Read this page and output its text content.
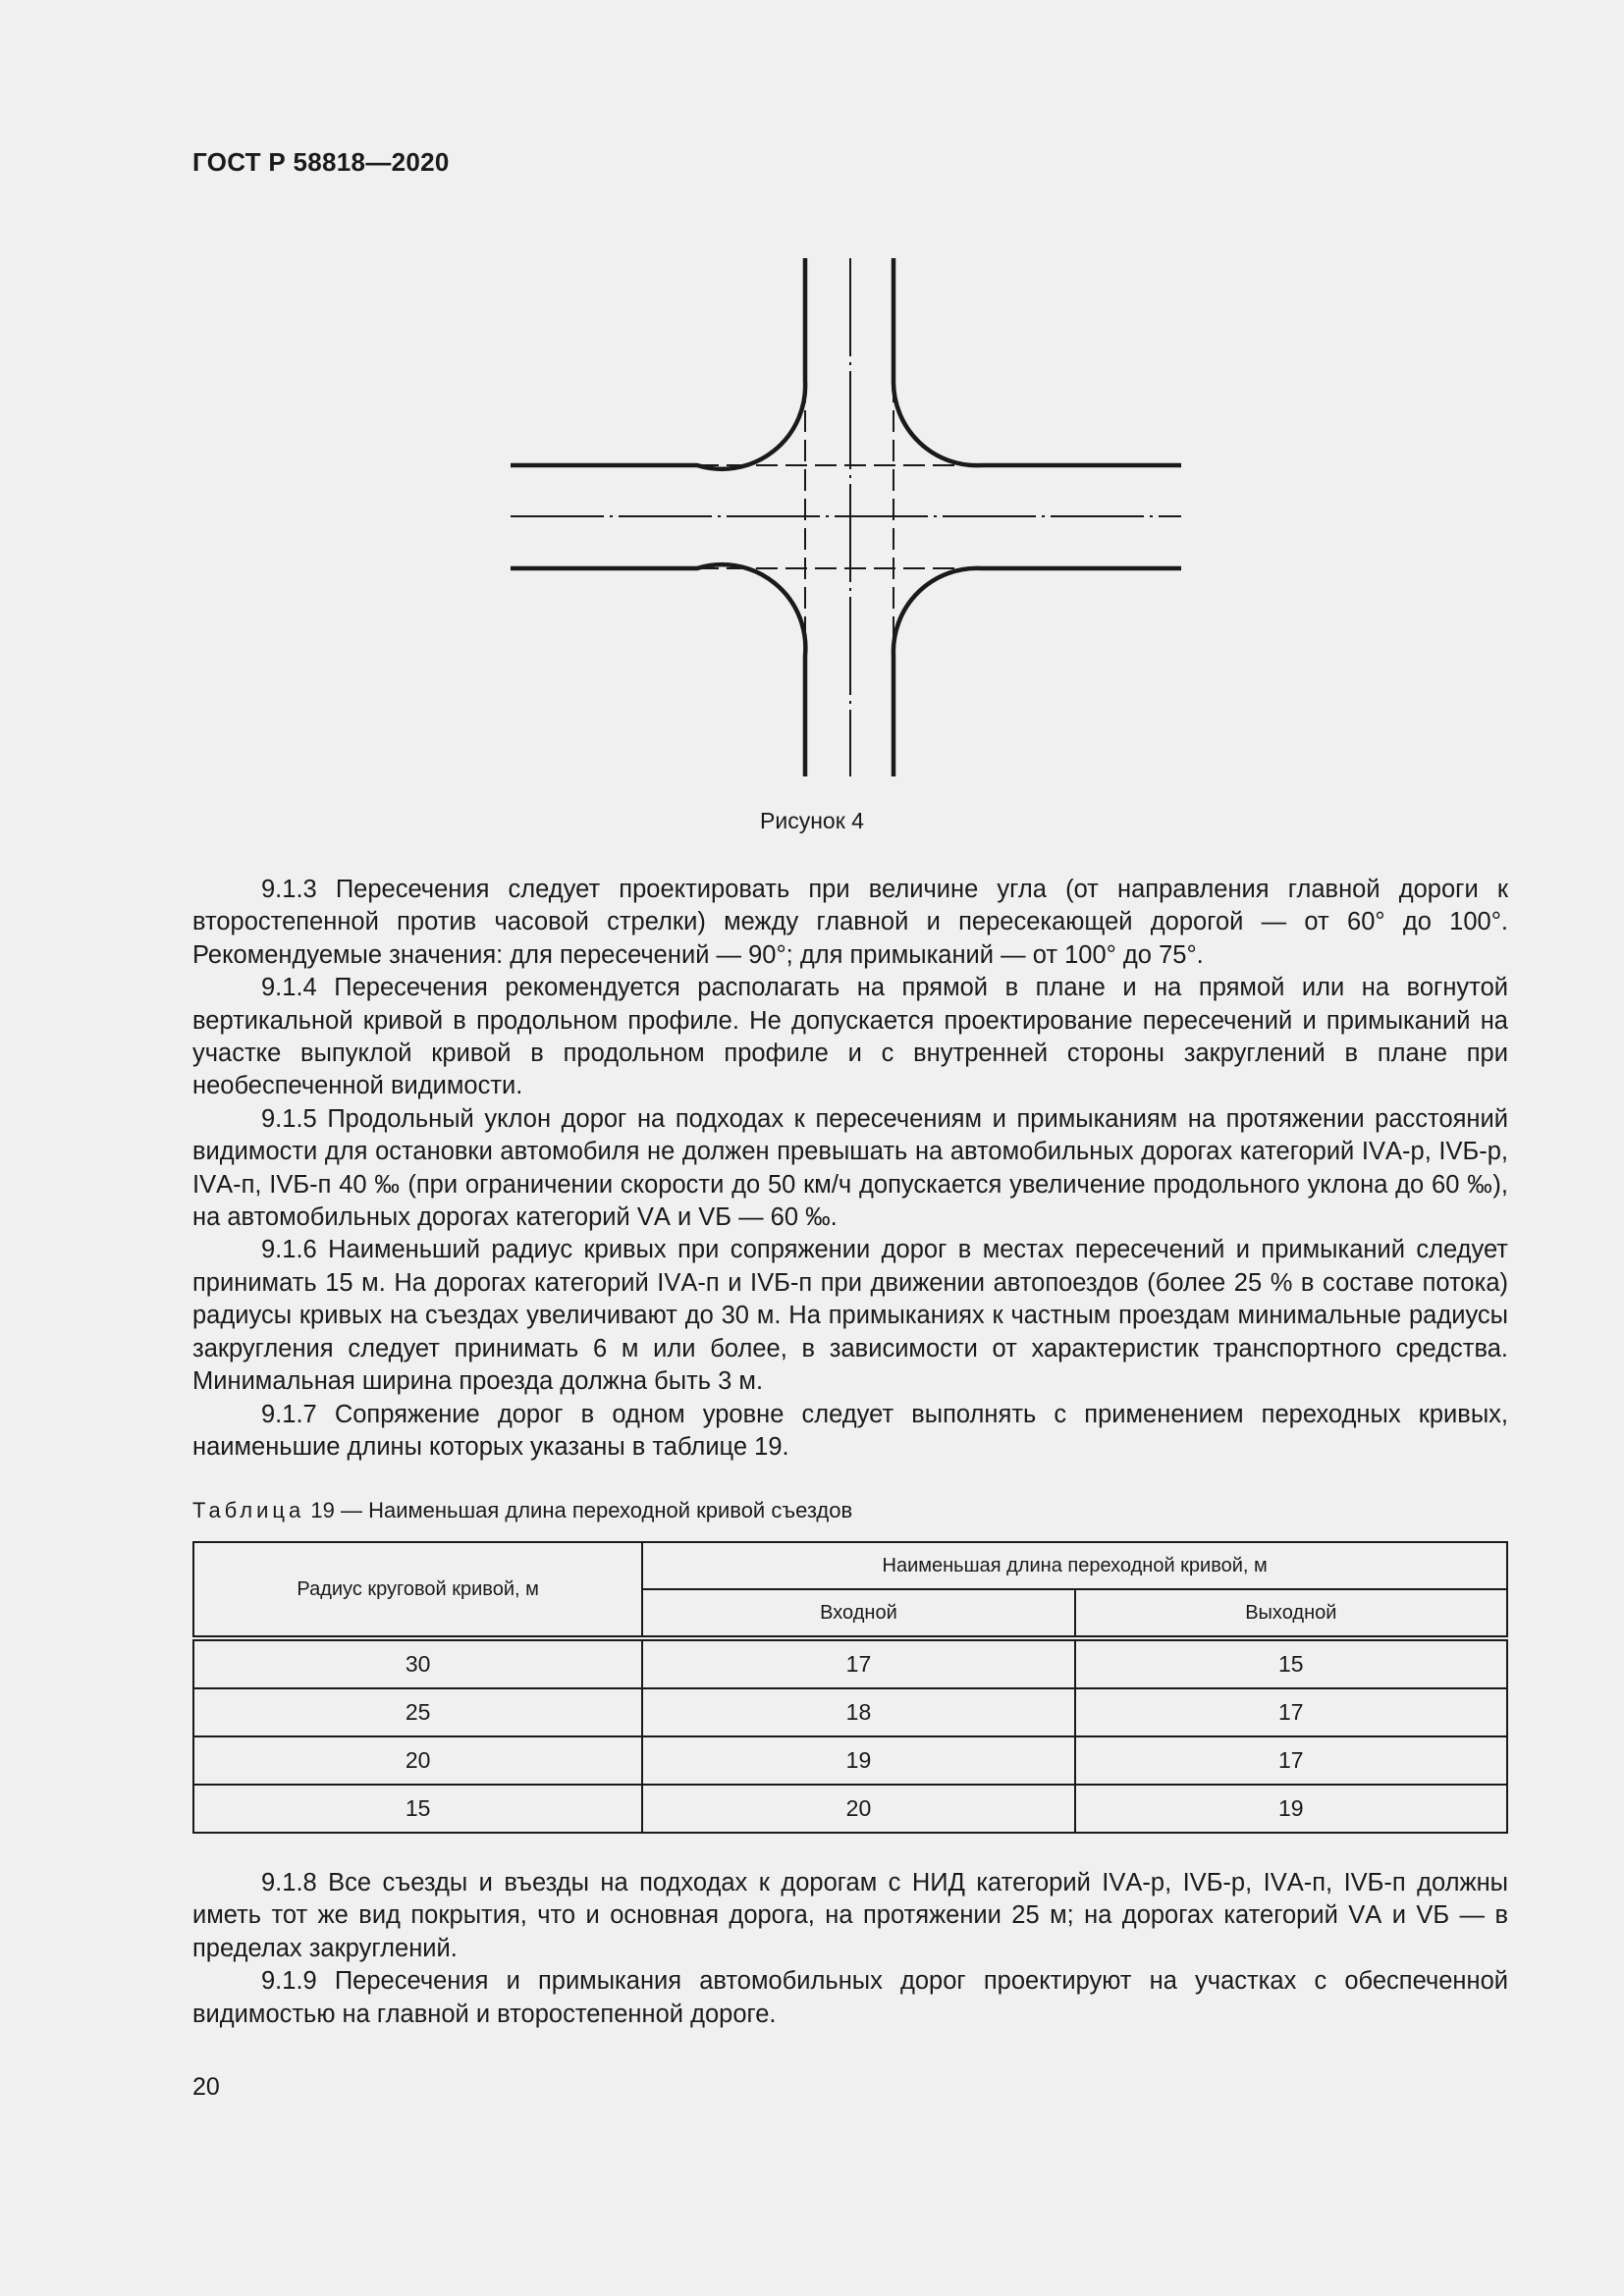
ГОСТ Р 58818—2020
Рисунок 4

9.1.3 Пересечения следует проектировать при величине угла (от направления главной дороги к второстепенной против часовой стрелки) между главной и пересекающей дорогой — от 60° до 100°. Рекомендуемые значения: для пересечений — 90°; для примыканий — от 100° до 75°.

9.1.4 Пересечения рекомендуется располагать на прямой в плане и на прямой или на вогнутой вертикальной кривой в продольном профиле. Не допускается проектирование пересечений и примыканий на участке выпуклой кривой в продольном профиле и с внутренней стороны закруглений в плане при необеспеченной видимости.

9.1.5 Продольный уклон дорог на подходах к пересечениям и примыканиям на протяжении расстояний видимости для остановки автомобиля не должен превышать на автомобильных дорогах категорий IVА-р, IVБ-р, IVА-п, IVБ-п 40 ‰ (при ограничении скорости до 50 км/ч допускается увеличение продольного уклона до 60 ‰), на автомобильных дорогах категорий VА и VБ — 60 ‰.

9.1.6 Наименьший радиус кривых при сопряжении дорог в местах пересечений и примыканий следует принимать 15 м. На дорогах категорий IVА-п и IVБ-п при движении автопоездов (более 25 % в составе потока) радиусы кривых на съездах увеличивают до 30 м. На примыканиях к частным проездам минимальные радиусы закругления следует принимать 6 м или более, в зависимости от характеристик транспортного средства. Минимальная ширина проезда должна быть 3 м.

9.1.7 Сопряжение дорог в одном уровне следует выполнять с применением переходных кривых, наименьшие длины которых указаны в таблице 19.

Таблица 19 — Наименьшая длина переходной кривой съездов
Радиус круговой кривой, м	Наименьшая длина переходной кривой, м	
	Входной	Выходной
30	17	15
25	18	17
20	19	17
15	20	19

9.1.8 Все съезды и въезды на подходах к дорогам с НИД категорий IVА-р, IVБ-р, IVА-п, IVБ-п должны иметь тот же вид покрытия, что и основная дорога, на протяжении 25 м; на дорогах категорий VА и VБ — в пределах закруглений.

9.1.9 Пересечения и примыкания автомобильных дорог проектируют на участках с обеспеченной видимостью на главной и второстепенной дороге.

20
